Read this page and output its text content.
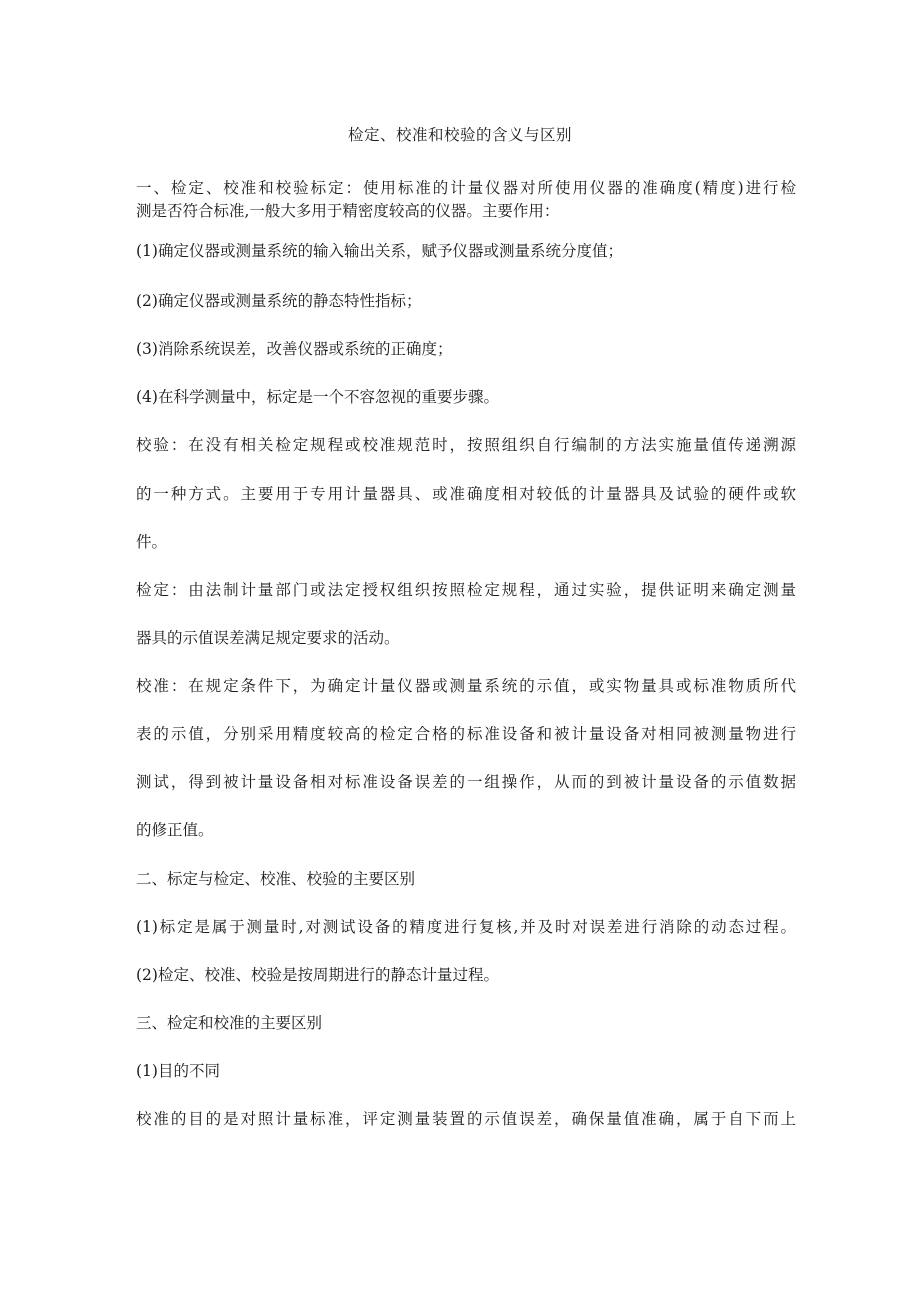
检定、校准和校验的含义与区别
一、检定、校准和校验标定：使用标准的计量仪器对所使用仪器的准确度(精度)进行检
测是否符合标准,一般大多用于精密度较高的仪器。主要作用：
(1)确定仪器或测量系统的输入输出关系，赋予仪器或测量系统分度值；
(2)确定仪器或测量系统的静态特性指标；
(3)消除系统误差，改善仪器或系统的正确度；
(4)在科学测量中，标定是一个不容忽视的重要步骤。
校验：在没有相关检定规程或校准规范时，按照组织自行编制的方法实施量值传递溯源
的一种方式。主要用于专用计量器具、或准确度相对较低的计量器具及试验的硬件或软
件。
检定：由法制计量部门或法定授权组织按照检定规程，通过实验，提供证明来确定测量
器具的示值误差满足规定要求的活动。
校准：在规定条件下，为确定计量仪器或测量系统的示值，或实物量具或标准物质所代
表的示值，分别采用精度较高的检定合格的标准设备和被计量设备对相同被测量物进行
测试，得到被计量设备相对标准设备误差的一组操作，从而的到被计量设备的示值数据
的修正值。
二、标定与检定、校准、校验的主要区别
(1)标定是属于测量时,对测试设备的精度进行复核,并及时对误差进行消除的动态过程。
(2)检定、校准、校验是按周期进行的静态计量过程。
三、检定和校准的主要区别
(1)目的不同
校准的目的是对照计量标准，评定测量装置的示值误差，确保量值准确，属于自下而上
